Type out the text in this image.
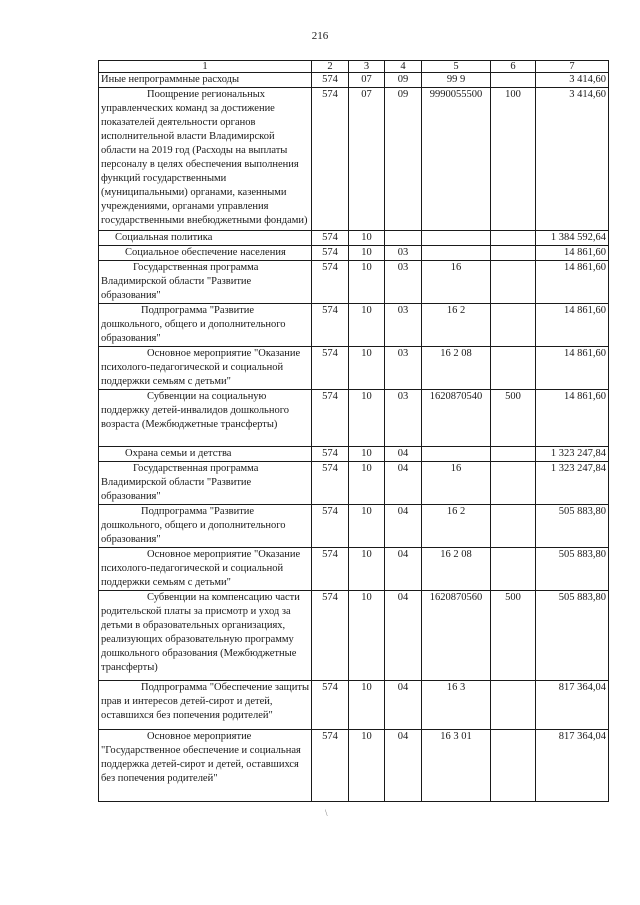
216
1	2	3	4	5	6	7
Иные непрограммные расходы	574	07	09	99 9		3 414,60
Поощрение региональных управленческих команд за достижение показателей деятельности органов исполнительной власти Владимирской области на 2019 год (Расходы на выплаты персоналу в целях обеспечения выполнения функций государственными (муниципальными) органами, казенными учреждениями, органами управления государственными внебюджетными фондами)	574	07	09	9990055500	100	3 414,60
Социальная политика	574	10				1 384 592,64
Социальное обеспечение населения	574	10	03			14 861,60
Государственная программа Владимирской области "Развитие образования"	574	10	03	16		14 861,60
Подпрограмма "Развитие дошкольного, общего и дополнительного образования"	574	10	03	16 2		14 861,60
Основное мероприятие "Оказание психолого-педагогической и социальной поддержки семьям с детьми"	574	10	03	16 2 08		14 861,60
Субвенции на социальную поддержку детей-инвалидов дошкольного возраста (Межбюджетные трансферты)	574	10	03	1620870540	500	14 861,60
Охрана семьи и детства	574	10	04			1 323 247,84
Государственная программа Владимирской области "Развитие образования"	574	10	04	16		1 323 247,84
Подпрограмма "Развитие дошкольного, общего и дополнительного образования"	574	10	04	16 2		505 883,80
Основное мероприятие "Оказание психолого-педагогической и социальной поддержки семьям с детьми"	574	10	04	16 2 08		505 883,80
Субвенции на компенсацию части родительской платы за присмотр и уход за детьми в образовательных организациях, реализующих образовательную программу дошкольного образования (Межбюджетные трансферты)	574	10	04	1620870560	500	505 883,80
Подпрограмма "Обеспечение защиты прав и интересов детей-сирот и детей, оставшихся без попечения родителей"	574	10	04	16 3		817 364,04
Основное мероприятие "Государственное обеспечение и социальная поддержка детей-сирот и детей, оставшихся без попечения родителей"	574	10	04	16 3 01		817 364,04
\
